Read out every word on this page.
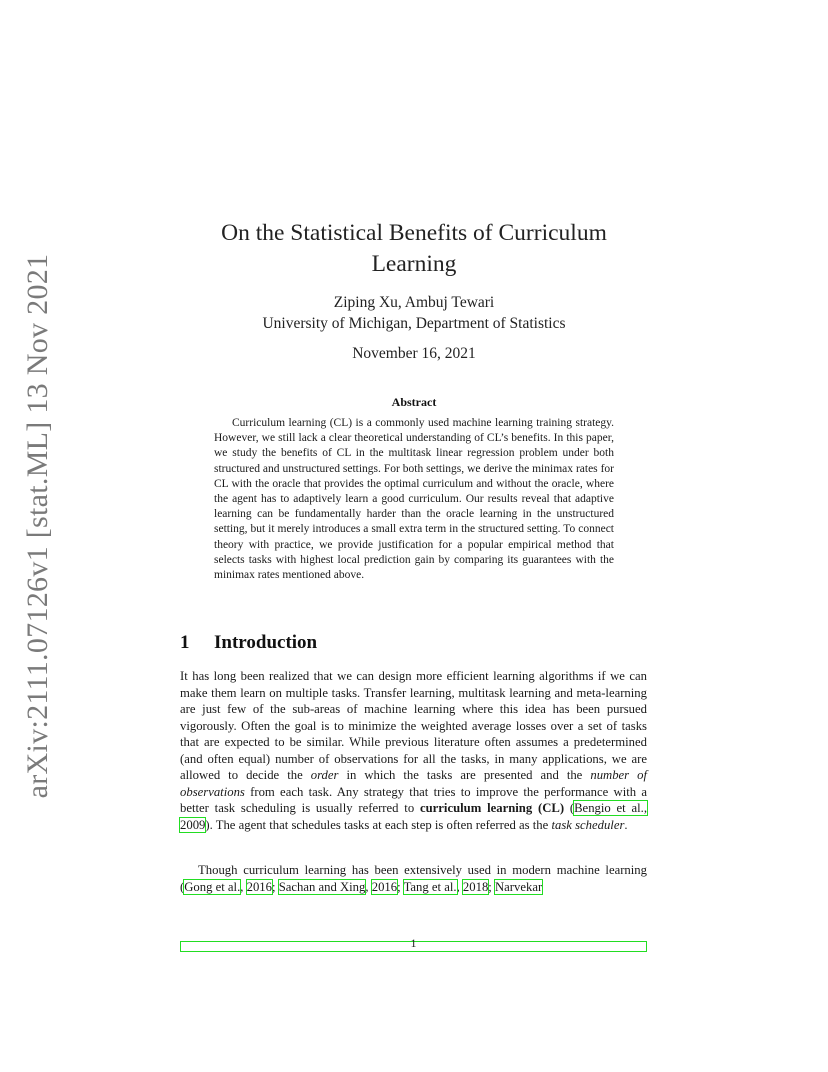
arXiv:2111.07126v1 [stat.ML] 13 Nov 2021
On the Statistical Benefits of Curriculum Learning
Ziping Xu, Ambuj Tewari
University of Michigan, Department of Statistics
November 16, 2021
Abstract

Curriculum learning (CL) is a commonly used machine learning training strategy. However, we still lack a clear theoretical understanding of CL’s benefits. In this paper, we study the benefits of CL in the multitask linear regression problem under both structured and unstructured settings. For both settings, we derive the minimax rates for CL with the oracle that provides the optimal curriculum and without the oracle, where the agent has to adaptively learn a good curriculum. Our results reveal that adaptive learning can be fundamentally harder than the oracle learning in the unstructured setting, but it merely introduces a small extra term in the structured setting. To connect theory with practice, we provide justification for a popular empirical method that selects tasks with highest local prediction gain by comparing its guarantees with the minimax rates mentioned above.

1 Introduction

It has long been realized that we can design more efficient learning algorithms if we can make them learn on multiple tasks. Transfer learning, multitask learning and meta-learning are just few of the sub-areas of machine learning where this idea has been pursued vigorously. Often the goal is to minimize the weighted average losses over a set of tasks that are expected to be similar. While previous literature often assumes a predetermined (and often equal) number of observations for all the tasks, in many applications, we are allowed to decide the order in which the tasks are presented and the number of observations from each task. Any strategy that tries to improve the performance with a better task scheduling is usually referred to curriculum learning (CL) (Bengio et al., 2009). The agent that schedules tasks at each step is often referred as the task scheduler.

Though curriculum learning has been extensively used in modern machine learning (Gong et al., 2016; Sachan and Xing, 2016; Tang et al., 2018; Narvekar

1
